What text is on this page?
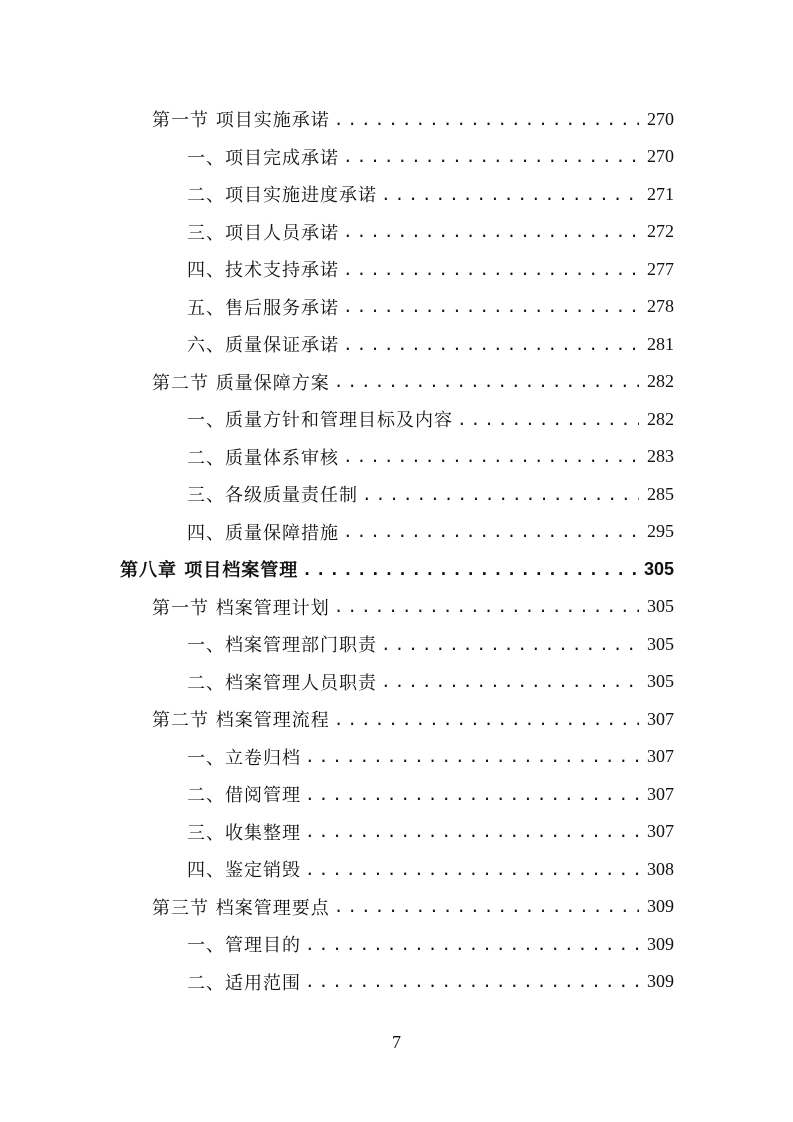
第一节 项目实施承诺 .....	270
一、项目完成承诺 .....	270
二、项目实施进度承诺 .....	271
三、项目人员承诺 .....	272
四、技术支持承诺 .....	277
五、售后服务承诺 .....	278
六、质量保证承诺 .....	281
第二节 质量保障方案 .....	282
一、质量方针和管理目标及内容 .....	282
二、质量体系审核 .....	283
三、各级质量责任制 .....	285
四、质量保障措施 .....	295
第八章 项目档案管理 .....	305
第一节 档案管理计划 .....	305
一、档案管理部门职责 .....	305
二、档案管理人员职责 .....	305
第二节 档案管理流程 .....	307
一、立卷归档 .....	307
二、借阅管理 .....	307
三、收集整理 .....	307
四、鉴定销毁 .....	308
第三节 档案管理要点 .....	309
一、管理目的 .....	309
二、适用范围 .....	309
7
